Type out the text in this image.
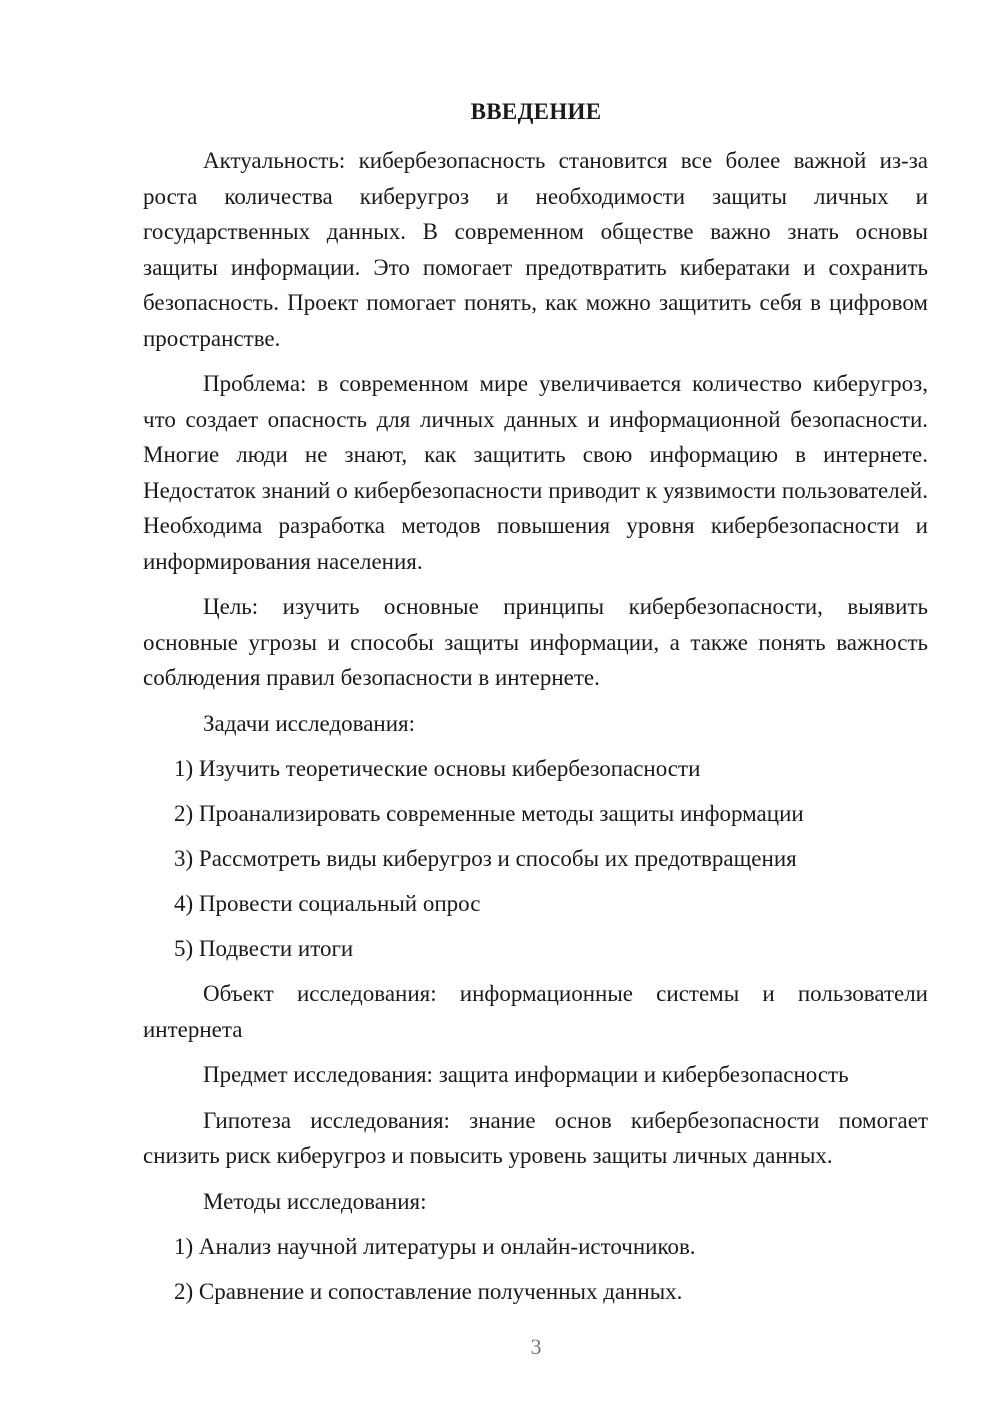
ВВЕДЕНИЕ

Актуальность: кибербезопасность становится все более важной из-за роста количества киберугроз и необходимости защиты личных и государственных данных. В современном обществе важно знать основы защиты информации. Это помогает предотвратить кибератаки и сохранить безопасность. Проект помогает понять, как можно защитить себя в цифровом пространстве.

Проблема: в современном мире увеличивается количество киберугроз, что создает опасность для личных данных и информационной безопасности. Многие люди не знают, как защитить свою информацию в интернете. Недостаток знаний о кибербезопасности приводит к уязвимости пользователей. Необходима разработка методов повышения уровня кибербезопасности и информирования населения.

Цель: изучить основные принципы кибербезопасности, выявить основные угрозы и способы защиты информации, а также понять важность соблюдения правил безопасности в интернете.

Задачи исследования:

1) Изучить теоретические основы кибербезопасности

2) Проанализировать современные методы защиты информации

3) Рассмотреть виды киберугроз и способы их предотвращения

4) Провести социальный опрос

5) Подвести итоги

Объект исследования: информационные системы и пользователи интернета

Предмет исследования: защита информации и кибербезопасность

Гипотеза исследования: знание основ кибербезопасности помогает снизить риск киберугроз и повысить уровень защиты личных данных.

Методы исследования:

1) Анализ научной литературы и онлайн-источников.

2) Сравнение и сопоставление полученных данных.

3
